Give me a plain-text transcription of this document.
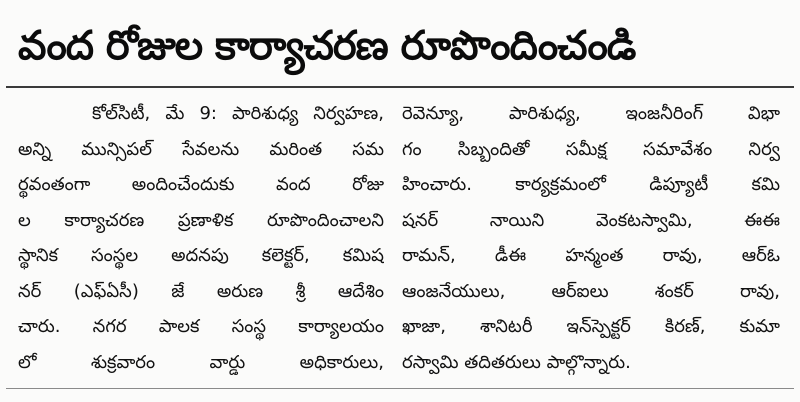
వంద రోజుల కార్యాచరణ రూపొందించండి
కోల్‌సిటీ, మే 9: పారిశుధ్య నిర్వహణ,
అన్ని మున్సిపల్ సేవలను మరింత సమ
ర్థవంతంగా అందించేందుకు వంద రోజు
ల కార్యాచరణ ప్రణాళిక రూపొందించాలని
స్థానిక సంస్థల అదనపు కలెక్టర్, కమిష
నర్ (ఎఫ్ఏసీ) జే అరుణ శ్రీ ఆదేశిం
చారు. నగర పాలక సంస్థ కార్యాలయం
లో శుక్రవారం వార్డు అధికారులు,
రెవెన్యూ, పారిశుధ్య, ఇంజనీరింగ్ విభా
గం సిబ్బందితో సమీక్ష సమావేశం నిర్వ
హించారు. కార్యక్రమంలో డిప్యూటీ కమి
షనర్ నాయిని వెంకటస్వామి, ఈఈ
రామన్, డీఈ హన్మంత రావు, ఆర్ఓ
ఆంజనేయులు, ఆర్ఐలు శంకర్ రావు,
ఖాజా, శానిటరీ ఇన్‌స్పెక్టర్ కిరణ్, కుమా
రస్వామి తదితరులు పాల్గొన్నారు.
